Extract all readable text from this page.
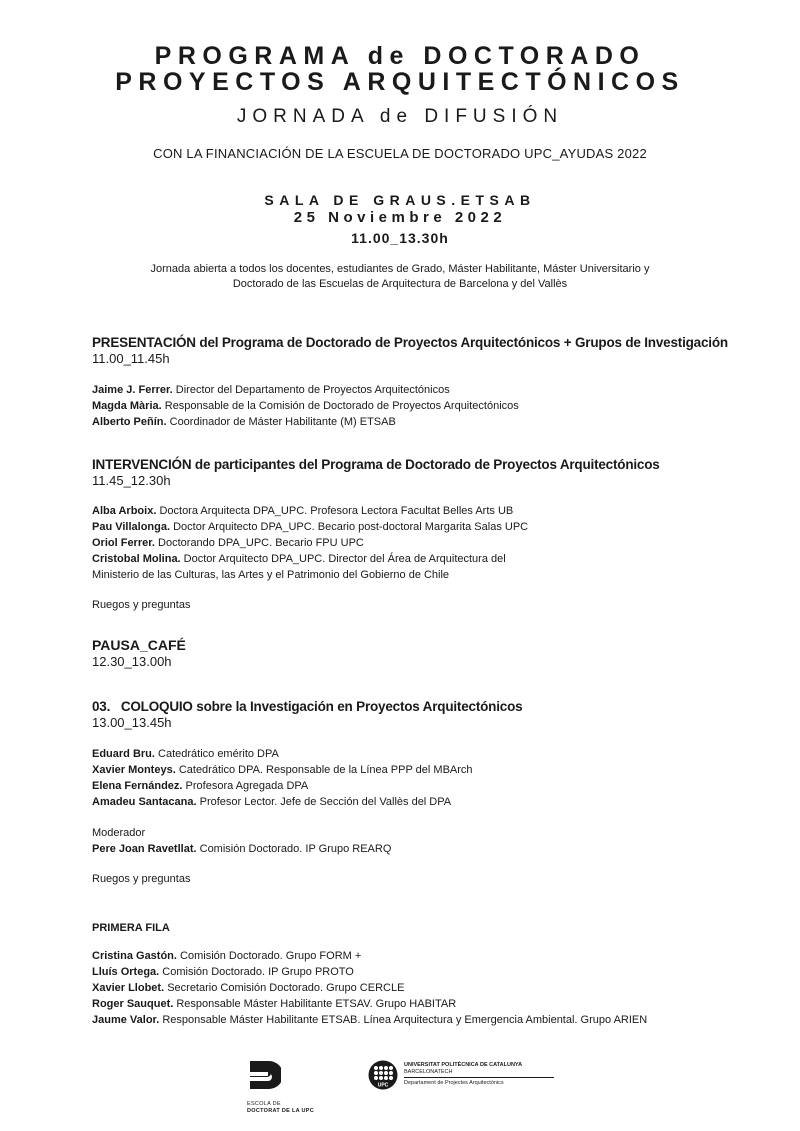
PROGRAMA de DOCTORADO
PROYECTOS ARQUITECTÓNICOS
JORNADA de DIFUSIÓN
CON LA FINANCIACIÓN DE LA ESCUELA DE DOCTORADO UPC_AYUDAS 2022
SALA DE GRAUS.ETSAB
25 Noviembre 2022
11.00_13.30h
Jornada abierta a todos los docentes, estudiantes de Grado, Máster Habilitante, Máster Universitario y
Doctorado de las Escuelas de Arquitectura de Barcelona y del Vallès
PRESENTACIÓN del Programa de Doctorado de Proyectos Arquitectónicos + Grupos de Investigación
11.00_11.45h
Jaime J. Ferrer. Director del Departamento de Proyectos Arquitectónicos
Magda Mària. Responsable de la Comisión de Doctorado de Proyectos Arquitectónicos
Alberto Peñín. Coordinador de Máster Habilitante (M) ETSAB
INTERVENCIÓN de participantes del Programa de Doctorado de Proyectos Arquitectónicos
11.45_12.30h
Alba Arboix. Doctora Arquitecta DPA_UPC. Profesora Lectora Facultat Belles Arts UB
Pau Villalonga. Doctor Arquitecto DPA_UPC. Becario post-doctoral Margarita Salas UPC
Oriol Ferrer. Doctorando DPA_UPC. Becario FPU UPC
Cristobal Molina. Doctor Arquitecto DPA_UPC. Director del Área de Arquitectura del
Ministerio de las Culturas, las Artes y el Patrimonio del Gobierno de Chile
Ruegos y preguntas
PAUSA_CAFÉ
12.30_13.00h
03. COLOQUIO sobre la Investigación en Proyectos Arquitectónicos
13.00_13.45h
Eduard Bru. Catedrático emérito DPA
Xavier Monteys. Catedrático DPA. Responsable de la Línea PPP del MBArch
Elena Fernández. Profesora Agregada DPA
Amadeu Santacana. Profesor Lector. Jefe de Sección del Vallès del DPA
Moderador
Pere Joan Ravetllat. Comisión Doctorado. IP Grupo REARQ
Ruegos y preguntas
PRIMERA FILA
Cristina Gastón. Comisión Doctorado. Grupo FORM +
Lluís Ortega. Comisión Doctorado. IP Grupo PROTO
Xavier Llobet. Secretario Comisión Doctorado. Grupo CERCLE
Roger Sauquet. Responsable Máster Habilitante ETSAV. Grupo HABITAR
Jaume Valor. Responsable Máster Habilitante ETSAB. Línea Arquitectura y Emergencia Ambiental. Grupo ARIEN
ESCOLA DE
DOCTORAT DE LA UPC
UPC
UNIVERSITAT POLITÈCNICA DE CATALUNYA
BARCELONATECH
Departament de Projectes Arquitectònics
